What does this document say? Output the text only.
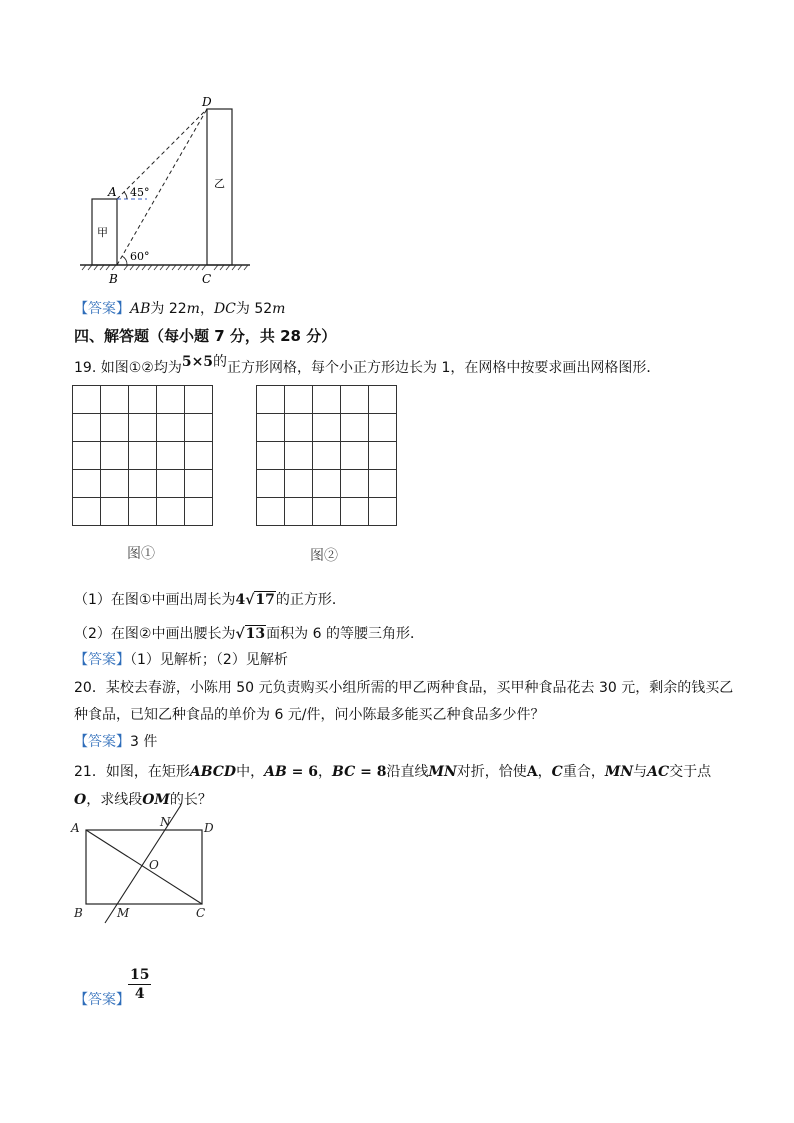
A
B	C
D
45°
60°
甲
乙
【答案】AB为 22m，DC为 52m
四、解答题（每小题 7 分，共 28 分）
19. 如图①②均为5×5的正方形网格，每个小正方形边长为 1，在网格中按要求画出网格图形．

图①	图②
（1）在图①中画出周长为4√17的正方形．
（2）在图②中画出腰长为√13面积为 6 的等腰三角形．
【答案】（1）见解析；（2）见解析
20．某校去春游，小陈用 50 元负责购买小组所需的甲乙两种食品，买甲种食品花去 30 元，剩余的钱买乙
种食品，已知乙种食品的单价为 6 元/件，问小陈最多能买乙种食品多少件？
【答案】3 件
21．如图，在矩形ABCD中，AB = 6，BC = 8沿直线MN对折，恰使A，C重合，MN与AC交于点
O，求线段OM的长？
A	D
B	C
M
N
O
【答案】
$\frac{15}{4}$
